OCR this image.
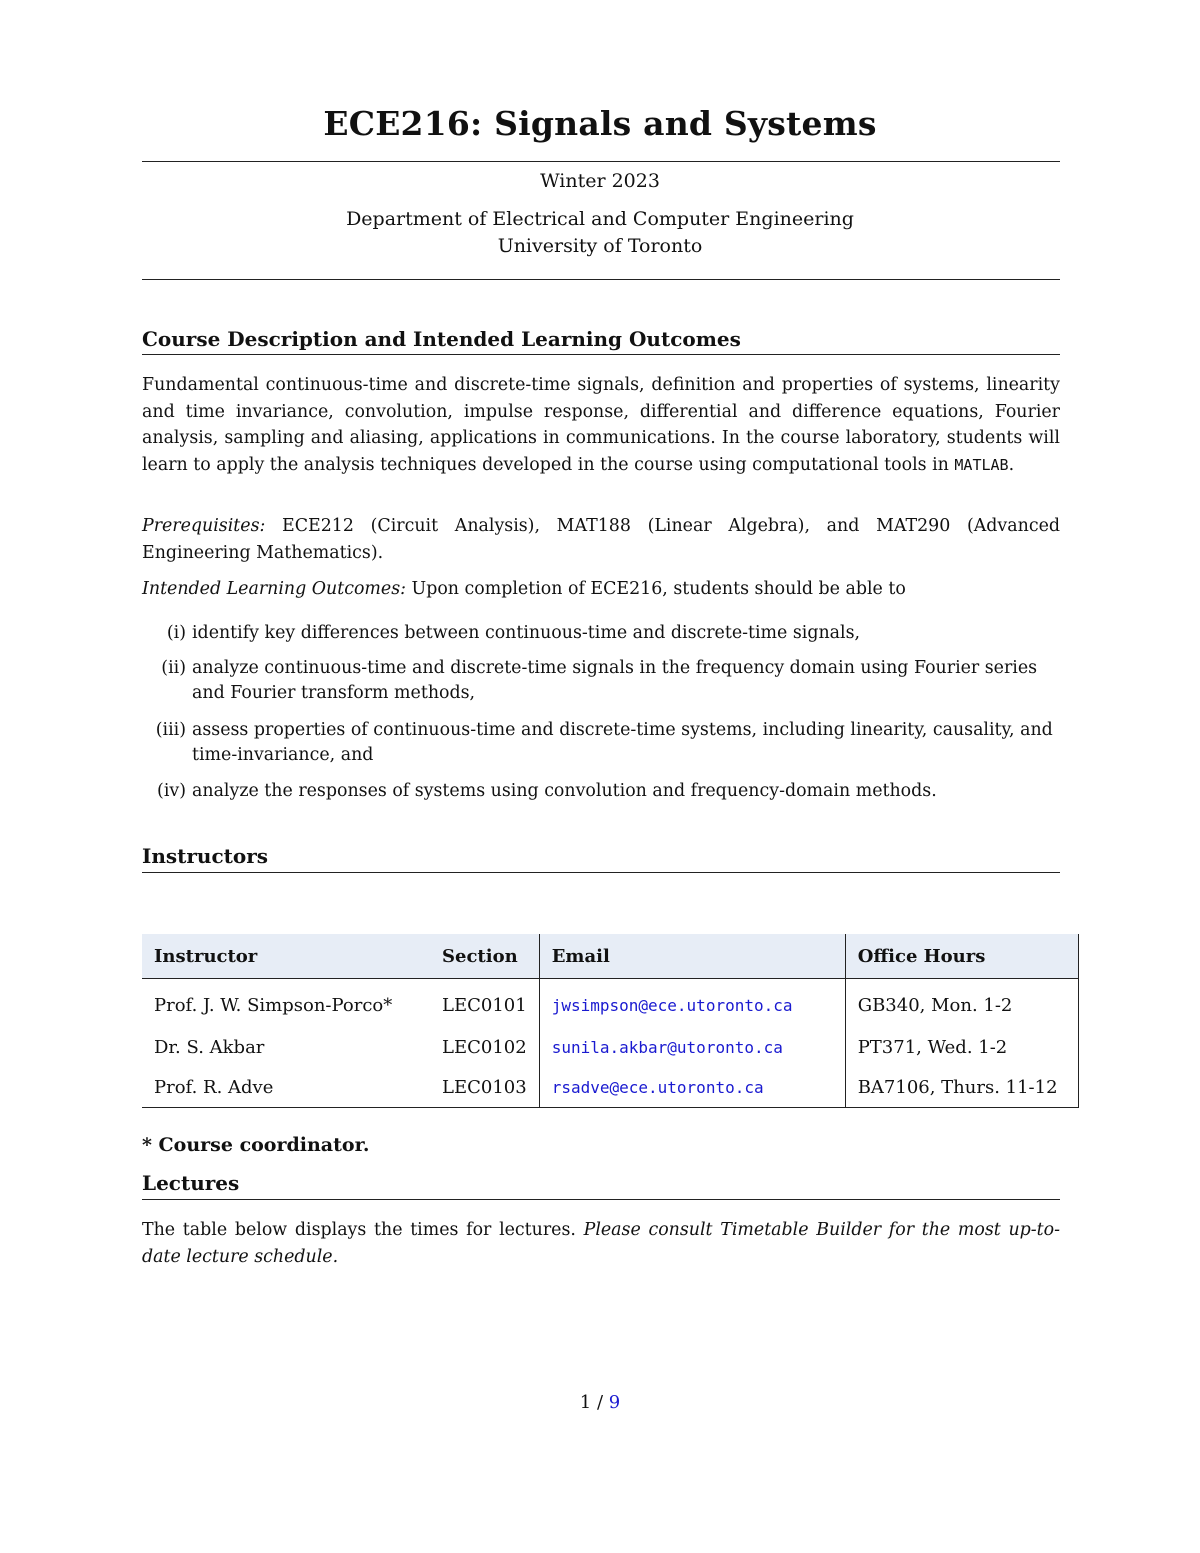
ECE216: Signals and Systems
Winter 2023
Department of Electrical and Computer Engineering
University of Toronto
Course Description and Intended Learning Outcomes
Fundamental continuous-time and discrete-time signals, definition and properties of systems, linearity and time invariance, convolution, impulse response, differential and difference equations, Fourier analysis, sampling and aliasing, applications in communications. In the course laboratory, students will learn to apply the analysis techniques developed in the course using computational tools in MATLAB.
Prerequisites: ECE212 (Circuit Analysis), MAT188 (Linear Algebra), and MAT290 (Advanced Engineering Mathematics).
Intended Learning Outcomes: Upon completion of ECE216, students should be able to
(i) identify key differences between continuous-time and discrete-time signals,
(ii) analyze continuous-time and discrete-time signals in the frequency domain using Fourier series and Fourier transform methods,
(iii) assess properties of continuous-time and discrete-time systems, including linearity, causality, and time-invariance, and
(iv) analyze the responses of systems using convolution and frequency-domain methods.
Instructors
Instructor	Section	Email	Office Hours
Prof. J. W. Simpson-Porco*	LEC0101	jwsimpson@ece.utoronto.ca	GB340, Mon. 1-2
Dr. S. Akbar	LEC0102	sunila.akbar@utoronto.ca	PT371, Wed. 1-2
Prof. R. Adve	LEC0103	rsadve@ece.utoronto.ca	BA7106, Thurs. 11-12
* Course coordinator.
Lectures
The table below displays the times for lectures. Please consult Timetable Builder for the most up-to-date lecture schedule.
1 / 9
